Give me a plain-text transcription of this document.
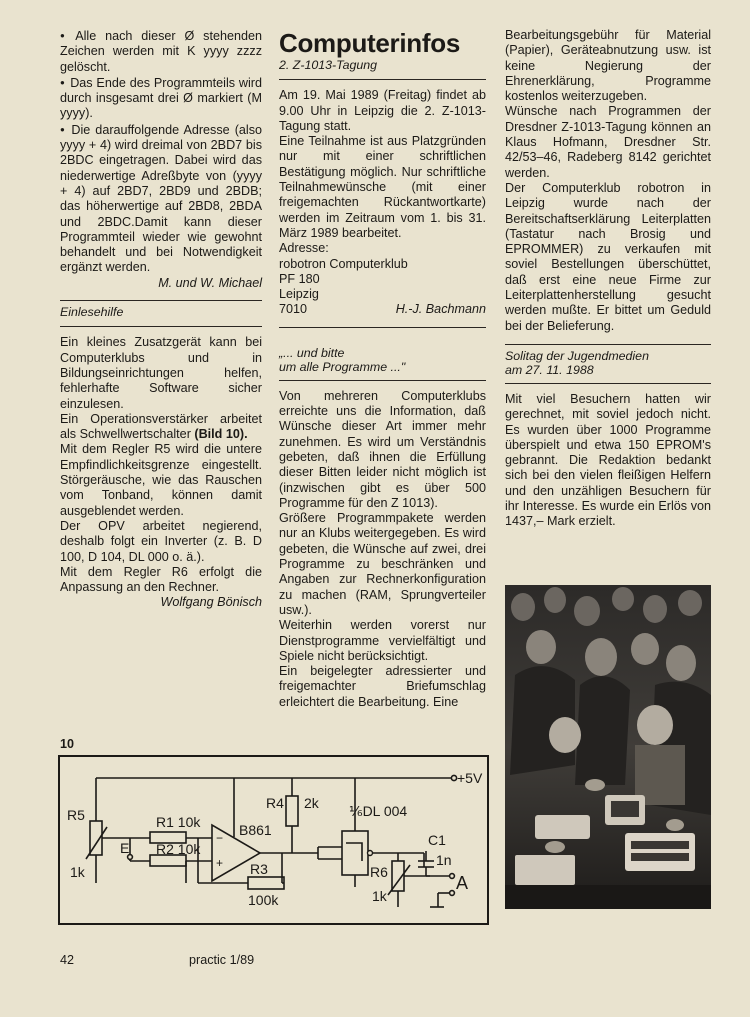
● Alle nach dieser Ø stehenden Zeichen werden mit K yyyy zzzz gelöscht.

● Das Ende des Programmteils wird durch insgesamt drei Ø markiert (M yyyy).

● Die darauffolgende Adresse (also yyyy + 4) wird dreimal von 2BD7 bis 2BDC eingetragen. Dabei wird das niederwertige Adreßbyte von (yyyy + 4) auf 2BD7, 2BD9 und 2BDB; das höherwertige auf 2BD8, 2BDA und 2BDC.Damit kann dieser Programmteil wieder wie gewohnt behandelt und bei Notwendigkeit ergänzt werden.

M. und W. Michael

Einlesehilfe

Ein kleines Zusatzgerät kann bei Computerklubs und in Bildungseinrichtungen helfen, fehlerhafte Software sicher einzulesen.

Ein Operationsverstärker arbeitet als Schwellwertschalter (Bild 10).

Mit dem Regler R5 wird die untere Empfindlichkeitsgrenze eingestellt. Störgeräusche, wie das Rauschen vom Tonband, können damit ausgeblendet werden.

Der OPV arbeitet negierend, deshalb folgt ein Inverter (z. B. D 100, D 104, DL 000 o. ä.).

Mit dem Regler R6 erfolgt die Anpassung an den Rechner.

Wolfgang Bönisch

Computerinfos

2. Z-1013-Tagung

Am 19. Mai 1989 (Freitag) findet ab 9.00 Uhr in Leipzig die 2. Z-1013-Tagung statt.

Eine Teilnahme ist aus Platzgründen nur mit einer schriftlichen Bestätigung möglich. Nur schriftliche Teilnahmewünsche (mit einer freigemachten Rückantwortkarte) werden im Zeitraum vom 1. bis 31. März 1989 bearbeitet.

Adresse:

robotron Computerklub

PF 180

Leipzig

7010	H.-J. Bachmann

„... und bitte
um alle Programme ..."

Von mehreren Computerklubs erreichte uns die Information, daß Wünsche dieser Art immer mehr zunehmen. Es wird um Verständnis gebeten, daß ihnen die Erfüllung dieser Bitten leider nicht möglich ist (inzwischen gibt es über 500 Programme für den Z 1013).

Größere Programmpakete werden nur an Klubs weitergegeben. Es wird gebeten, die Wünsche auf zwei, drei Programme zu beschränken und Angaben zur Rechnerkonfiguration zu machen (RAM, Sprungverteiler usw.).

Weiterhin werden vorerst nur Dienstprogramme vervielfältigt und Spiele nicht berücksichtigt.

Ein beigelegter adressierter und freigemachter Briefumschlag erleichtert die Bearbeitung. Eine

Bearbeitungsgebühr für Material (Papier), Geräteabnutzung usw. ist keine Negierung der Ehrenerklärung, Programme kostenlos weiterzugeben.

Wünsche nach Programmen der Dresdner Z-1013-Tagung können an Klaus Hofmann, Dresdner Str. 42/53–46, Radeberg 8142 gerichtet werden.

Der Computerklub robotron in Leipzig wurde nach der Bereitschaftserklärung Leiterplatten (Tastatur nach Brosig und EPROMMER) zu verkaufen mit soviel Bestellungen überschüttet, daß erst eine neue Firme zur Leiterplattenherstellung gesucht werden mußte. Er bittet um Geduld bei der Belieferung.

Solitag der Jugendmedien
am 27. 11. 1988

Mit viel Besuchern hatten wir gerechnet, mit soviel jedoch nicht. Es wurden über 1000 Programme überspielt und etwa 150 EPROM's gebrannt. Die Redaktion bedankt sich bei den vielen fleißigen Helfern und den unzähligen Besuchern für ihr Interesse. Es wurde ein Erlös von 1437,– Mark erzielt.

10
R5
1k
E
R1 10k
R2 10k
B861
−
+ R3
100k
R4 2k ⅙DL 004
C1
1n
R6
1k
A
+5V
42	practic 1/89
